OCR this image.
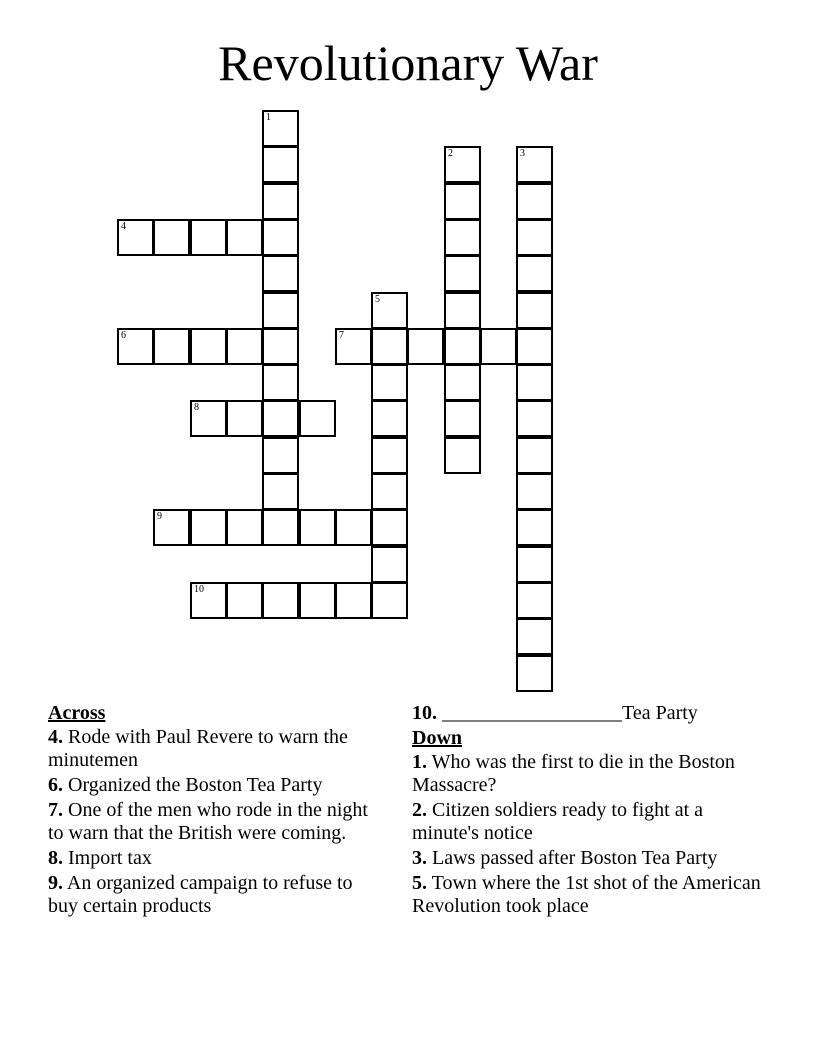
Revolutionary War
1
2	3
4
5
6	7
8
9
10
Across
4. Rode with Paul Revere to warn the minutemen
6. Organized the Boston Tea Party
7. One of the men who rode in the night to warn that the British were coming.
8. Import tax
9. An organized campaign to refuse to buy certain products
10. __________________Tea Party
Down
1. Who was the first to die in the Boston Massacre?
2. Citizen soldiers ready to fight at a minute's notice
3. Laws passed after Boston Tea Party
5. Town where the 1st shot of the American Revolution took place
